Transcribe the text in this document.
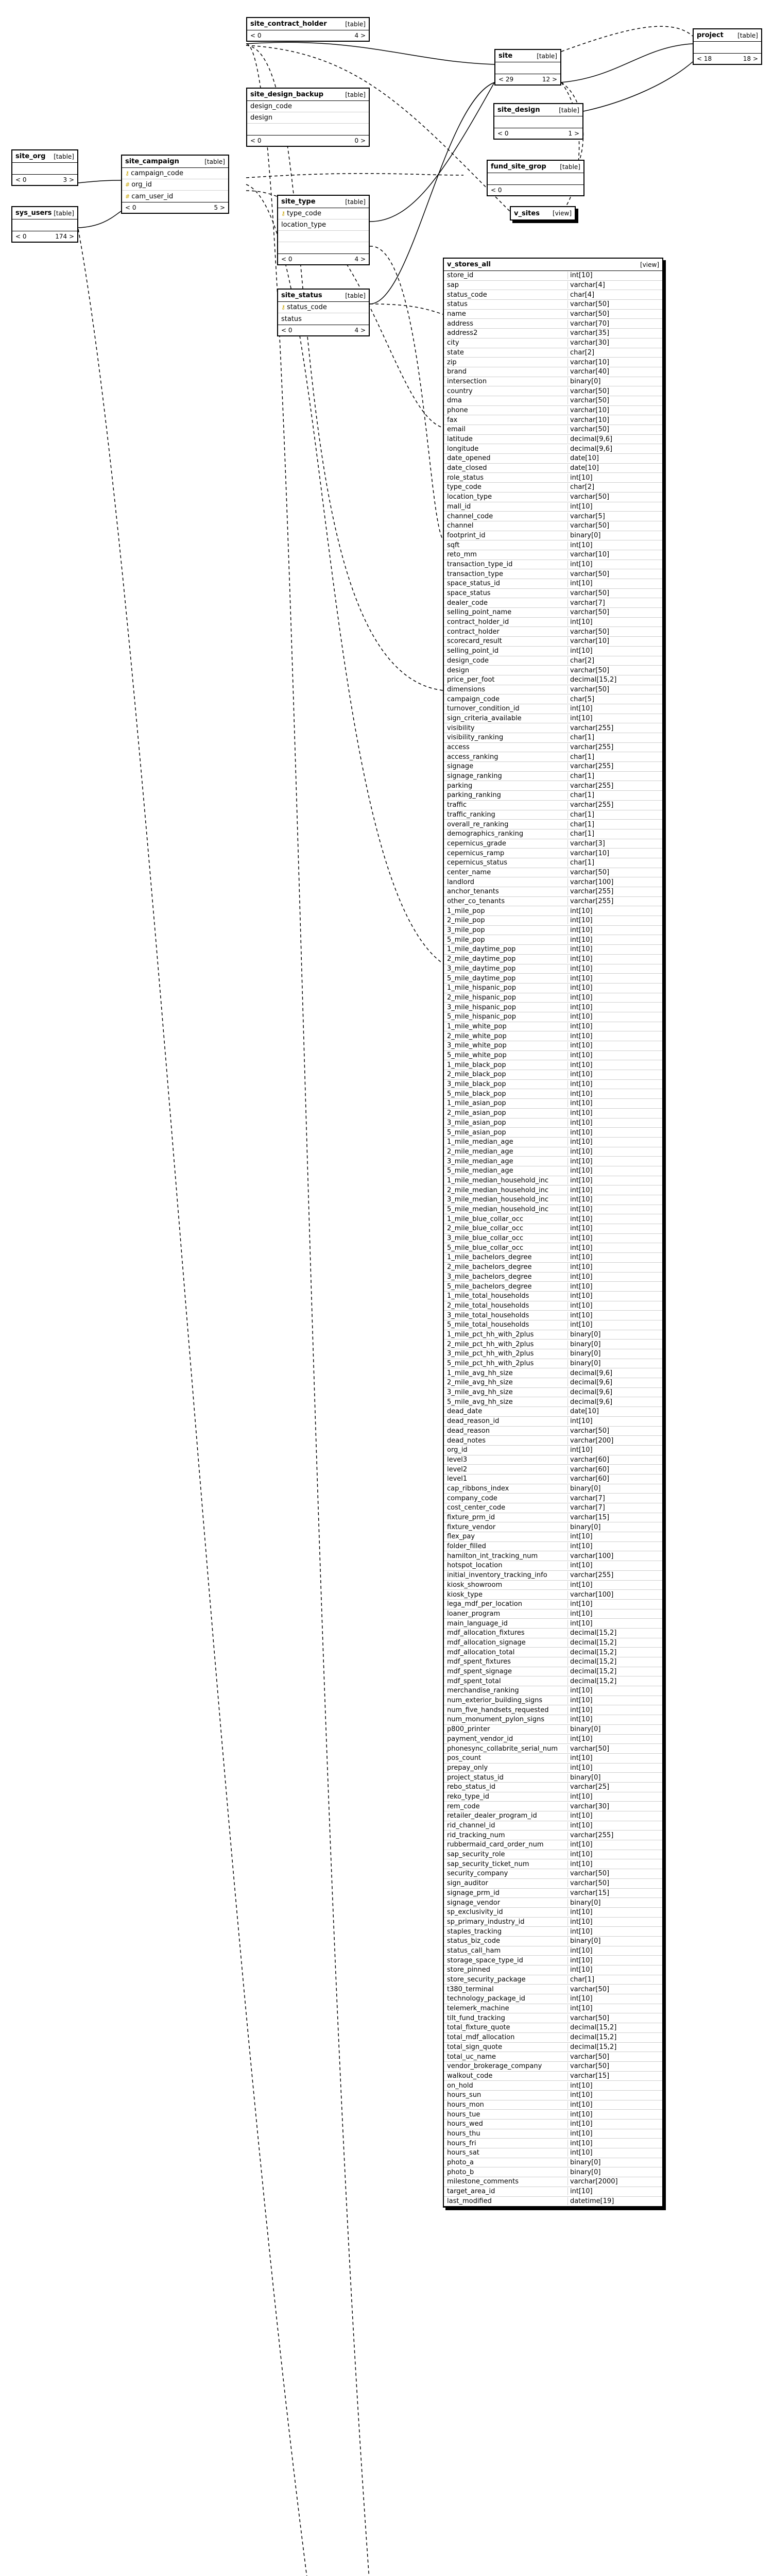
site_contract_holder	[table]
< 0	4 >
site_design_backup	[table]
design_code
design
< 0	0 >
site_org [table]
< 0	3 >
sys_users [table]
< 0	174 >
site_campaign	[table]
⚷ campaign_code
# org_id
# cam_user_id
< 0	5 >
site_type	[table]
⚷ type_code
location_type
< 0	4 >
site_status	[table]
⚷ status_code
status
< 0	4 >
site	[table]
< 29	12 >
project [table]
< 18	18 >
site_design	[table]
< 0	1 >
fund_site_grop [table]
< 0
v_sites [view]
v_stores_all	[view]
store_id	int[10]
sap	varchar[4]
status_code	char[4]
status	varchar[50]
name	varchar[50]
address	varchar[70]
address2	varchar[35]
city	varchar[30]
state	char[2]
zip	varchar[10]
brand	varchar[40]
intersection	binary[0]
country	varchar[50]
dma	varchar[50]
phone	varchar[10]
fax	varchar[10]
email	varchar[50]
latitude	decimal[9,6]
longitude	decimal[9,6]
date_opened	date[10]
date_closed	date[10]
role_status	int[10]
type_code	char[2]
location_type	varchar[50]
mall_id	int[10]
channel_code	varchar[5]
channel	varchar[50]
footprint_id	binary[0]
sqft	int[10]
reto_mm	varchar[10]
transaction_type_id	int[10]
transaction_type	varchar[50]
space_status_id	int[10]
space_status	varchar[50]
dealer_code	varchar[7]
selling_point_name	varchar[50]
contract_holder_id	int[10]
contract_holder	varchar[50]
scorecard_result	varchar[10]
selling_point_id	int[10]
design_code	char[2]
design	varchar[50]
price_per_foot	decimal[15,2]
dimensions	varchar[50]
campaign_code	char[5]
turnover_condition_id	int[10]
sign_criteria_available	int[10]
visibility	varchar[255]
visibility_ranking	char[1]
access	varchar[255]
access_ranking	char[1]
signage	varchar[255]
signage_ranking	char[1]
parking	varchar[255]
parking_ranking	char[1]
traffic	varchar[255]
traffic_ranking	char[1]
overall_re_ranking	char[1]
demographics_ranking	char[1]
cepernicus_grade	varchar[3]
cepernicus_ramp	varchar[10]
cepernicus_status	char[1]
center_name	varchar[50]
landlord	varchar[100]
anchor_tenants	varchar[255]
other_co_tenants	varchar[255]
1_mile_pop	int[10]
2_mile_pop	int[10]
3_mile_pop	int[10]
5_mile_pop	int[10]
1_mile_daytime_pop	int[10]
2_mile_daytime_pop	int[10]
3_mile_daytime_pop	int[10]
5_mile_daytime_pop	int[10]
1_mile_hispanic_pop	int[10]
2_mile_hispanic_pop	int[10]
3_mile_hispanic_pop	int[10]
5_mile_hispanic_pop	int[10]
1_mile_white_pop	int[10]
2_mile_white_pop	int[10]
3_mile_white_pop	int[10]
5_mile_white_pop	int[10]
1_mile_black_pop	int[10]
2_mile_black_pop	int[10]
3_mile_black_pop	int[10]
5_mile_black_pop	int[10]
1_mile_asian_pop	int[10]
2_mile_asian_pop	int[10]
3_mile_asian_pop	int[10]
5_mile_asian_pop	int[10]
1_mile_median_age	int[10]
2_mile_median_age	int[10]
3_mile_median_age	int[10]
5_mile_median_age	int[10]
1_mile_median_household_inc	int[10]
2_mile_median_household_inc	int[10]
3_mile_median_household_inc	int[10]
5_mile_median_household_inc	int[10]
1_mile_blue_collar_occ	int[10]
2_mile_blue_collar_occ	int[10]
3_mile_blue_collar_occ	int[10]
5_mile_blue_collar_occ	int[10]
1_mile_bachelors_degree	int[10]
2_mile_bachelors_degree	int[10]
3_mile_bachelors_degree	int[10]
5_mile_bachelors_degree	int[10]
1_mile_total_households	int[10]
2_mile_total_households	int[10]
3_mile_total_households	int[10]
5_mile_total_households	int[10]
1_mile_pct_hh_with_2plus	binary[0]
2_mile_pct_hh_with_2plus	binary[0]
3_mile_pct_hh_with_2plus	binary[0]
5_mile_pct_hh_with_2plus	binary[0]
1_mile_avg_hh_size	decimal[9,6]
2_mile_avg_hh_size	decimal[9,6]
3_mile_avg_hh_size	decimal[9,6]
5_mile_avg_hh_size	decimal[9,6]
dead_date	date[10]
dead_reason_id	int[10]
dead_reason	varchar[50]
dead_notes	varchar[200]
org_id	int[10]
level3	varchar[60]
level2	varchar[60]
level1	varchar[60]
cap_ribbons_index	binary[0]
company_code	varchar[7]
cost_center_code	varchar[7]
fixture_prm_id	varchar[15]
fixture_vendor	binary[0]
flex_pay	int[10]
folder_filled	int[10]
hamilton_int_tracking_num	varchar[100]
hotspot_location	int[10]
initial_inventory_tracking_info	varchar[255]
kiosk_showroom	int[10]
kiosk_type	varchar[100]
lega_mdf_per_location	int[10]
loaner_program	int[10]
main_language_id	int[10]
mdf_allocation_fixtures	decimal[15,2]
mdf_allocation_signage	decimal[15,2]
mdf_allocation_total	decimal[15,2]
mdf_spent_fixtures	decimal[15,2]
mdf_spent_signage	decimal[15,2]
mdf_spent_total	decimal[15,2]
merchandise_ranking	int[10]
num_exterior_building_signs	int[10]
num_five_handsets_requested	int[10]
num_monument_pylon_signs	int[10]
p800_printer	binary[0]
payment_vendor_id	int[10]
phonesync_collabrite_serial_num	varchar[50]
pos_count	int[10]
prepay_only	int[10]
project_status_id	binary[0]
rebo_status_id	varchar[25]
reko_type_id	int[10]
rem_code	varchar[30]
retailer_dealer_program_id	int[10]
rid_channel_id	int[10]
rid_tracking_num	varchar[255]
rubbermaid_card_order_num	int[10]
sap_security_role	int[10]
sap_security_ticket_num	int[10]
security_company	varchar[50]
sign_auditor	varchar[50]
signage_prm_id	varchar[15]
signage_vendor	binary[0]
sp_exclusivity_id	int[10]
sp_primary_industry_id	int[10]
staples_tracking	int[10]
status_biz_code	binary[0]
status_call_ham	int[10]
storage_space_type_id	int[10]
store_pinned	int[10]
store_security_package	char[1]
t380_terminal	varchar[50]
technology_package_id	int[10]
telemerk_machine	int[10]
tilt_fund_tracking	varchar[50]
total_fixture_quote	decimal[15,2]
total_mdf_allocation	decimal[15,2]
total_sign_quote	decimal[15,2]
total_uc_name	varchar[50]
vendor_brokerage_company	varchar[50]
walkout_code	varchar[15]
on_hold	int[10]
hours_sun	int[10]
hours_mon	int[10]
hours_tue	int[10]
hours_wed	int[10]
hours_thu	int[10]
hours_fri	int[10]
hours_sat	int[10]
photo_a	binary[0]
photo_b	binary[0]
milestone_comments	varchar[2000]
target_area_id	int[10]
last_modified	datetime[19]
